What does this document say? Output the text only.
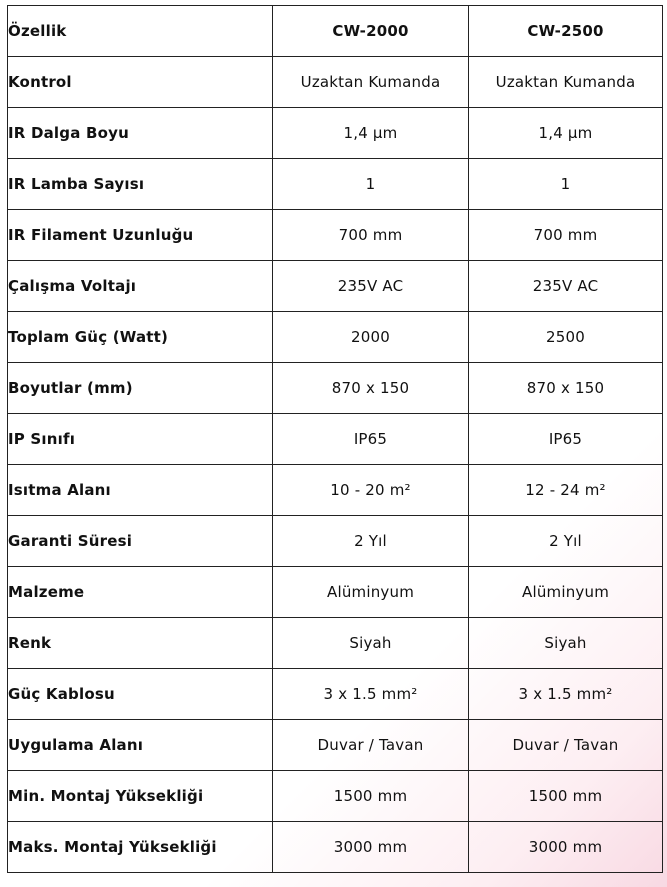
Özellik	CW-2000	CW-2500
Kontrol	Uzaktan Kumanda	Uzaktan Kumanda
IR Dalga Boyu	1,4 µm	1,4 µm
IR Lamba Sayısı	1	1
IR Filament Uzunluğu	700 mm	700 mm
Çalışma Voltajı	235V AC	235V AC
Toplam Güç (Watt)	2000	2500
Boyutlar (mm)	870 x 150	870 x 150
IP Sınıfı	IP65	IP65
Isıtma Alanı	10 - 20 m²	12 - 24 m²
Garanti Süresi	2 Yıl	2 Yıl
Malzeme	Alüminyum	Alüminyum
Renk	Siyah	Siyah
Güç Kablosu	3 x 1.5 mm²	3 x 1.5 mm²
Uygulama Alanı	Duvar / Tavan	Duvar / Tavan
Min. Montaj Yüksekliği	1500 mm	1500 mm
Maks. Montaj Yüksekliği	3000 mm	3000 mm
